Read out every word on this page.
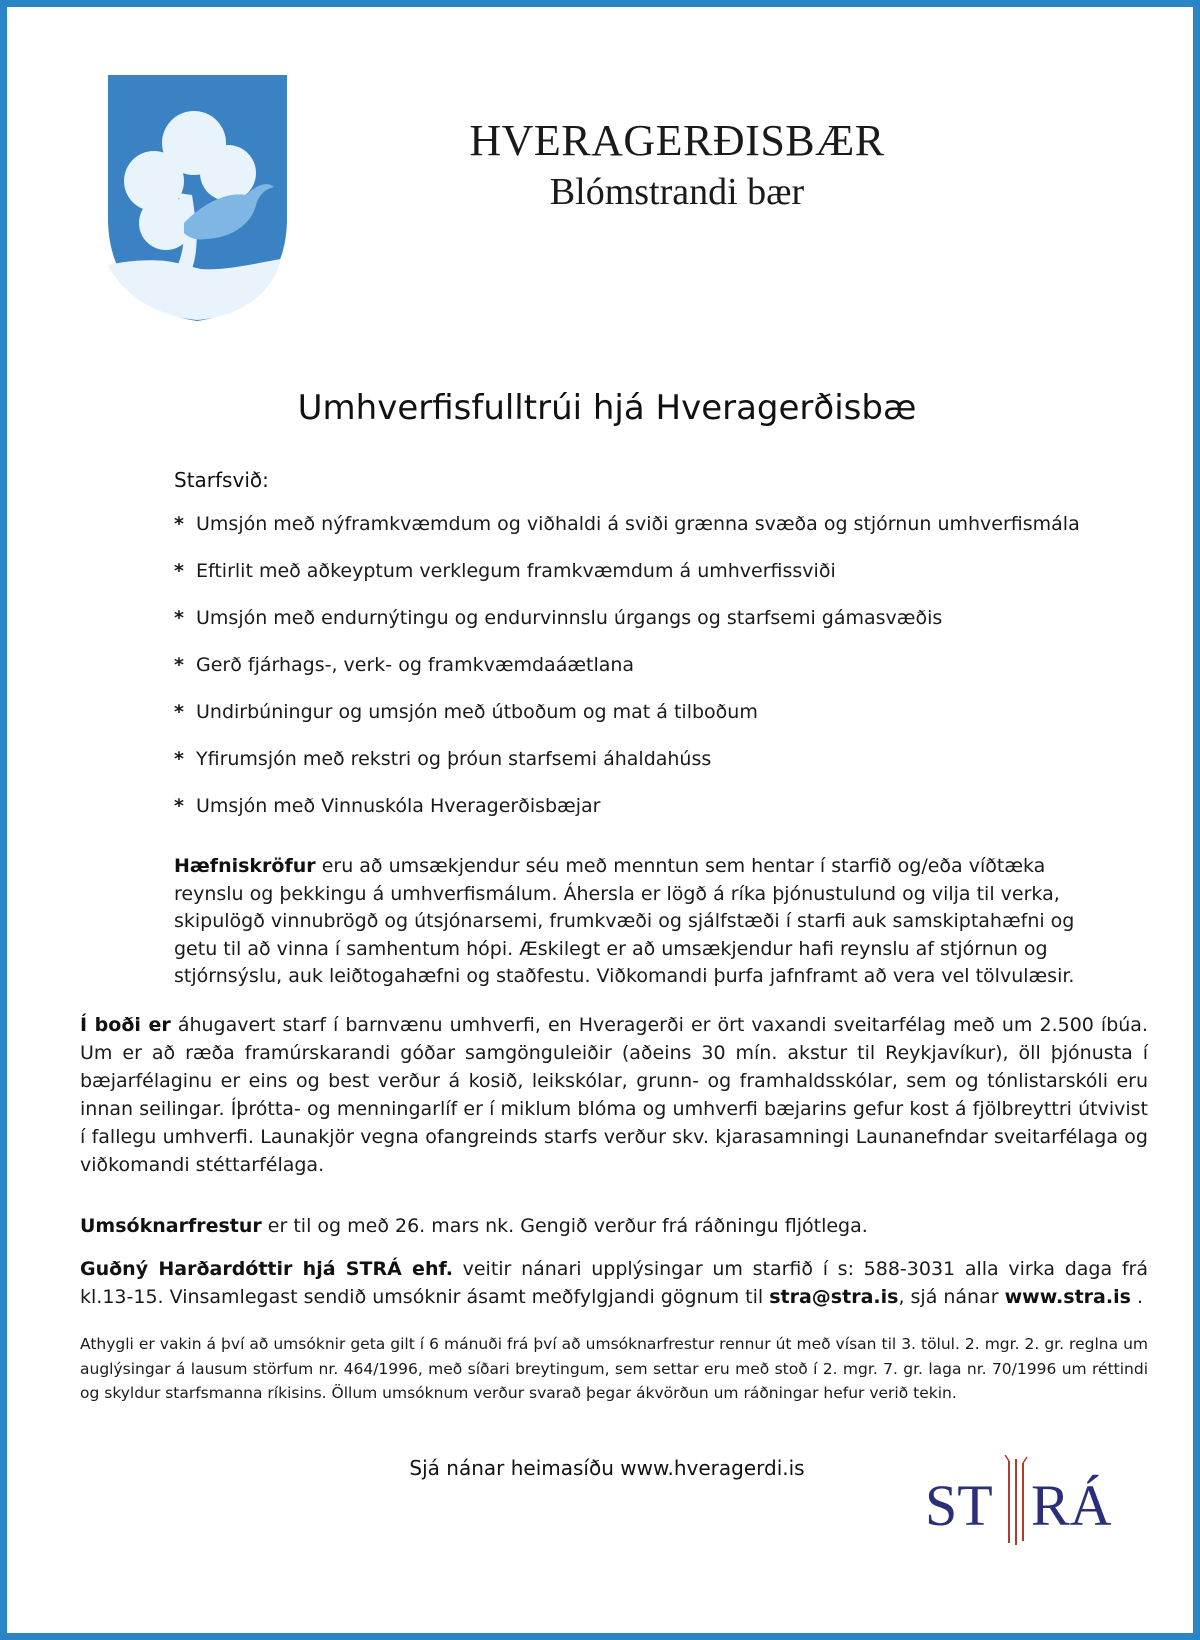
HVERAGERÐISBÆR
Blómstrandi bær
Umhverfisfulltrúi hjá Hveragerðisbæ
Starfsvið:
* Umsjón með nýframkvæmdum og viðhaldi á sviði grænna svæða og stjórnun umhverfismála
* Eftirlit með aðkeyptum verklegum framkvæmdum á umhverfissviði
* Umsjón með endurnýtingu og endurvinnslu úrgangs og starfsemi gámasvæðis
* Gerð fjárhags-, verk- og framkvæmdaáætlana
* Undirbúningur og umsjón með útboðum og mat á tilboðum
* Yfirumsjón með rekstri og þróun starfsemi áhaldahúss
* Umsjón með Vinnuskóla Hveragerðisbæjar

Hæfniskröfur eru að umsækjendur séu með menntun sem hentar í starfið og/eða víðtæka reynslu og þekkingu á umhverfismálum. Áhersla er lögð á ríka þjónustulund og vilja til verka, skipulögð vinnubrögð og útsjónarsemi, frumkvæði og sjálfstæði í starfi auk samskiptahæfni og getu til að vinna í samhentum hópi. Æskilegt er að umsækjendur hafi reynslu af stjórnun og stjórnsýslu, auk leiðtogahæfni og staðfestu. Viðkomandi þurfa jafnframt að vera vel tölvulæsir.

Í boði er áhugavert starf í barnvænu umhverfi, en Hveragerði er ört vaxandi sveitarfélag með um 2.500 íbúa. Um er að ræða framúrskarandi góðar samgönguleiðir (aðeins 30 mín. akstur til Reykjavíkur), öll þjónusta í bæjarfélaginu er eins og best verður á kosið, leikskólar, grunn- og framhaldsskólar, sem og tónlistarskóli eru innan seilingar. Íþrótta- og menningarlíf er í miklum blóma og umhverfi bæjarins gefur kost á fjölbreyttri útvivist í fallegu umhverfi. Launakjör vegna ofangreinds starfs verður skv. kjarasamningi Launanefndar sveitarfélaga og viðkomandi stéttarfélaga.

Umsóknarfrestur er til og með 26. mars nk. Gengið verður frá ráðningu fljótlega.

Guðný Harðardóttir hjá STRÁ ehf. veitir nánari upplýsingar um starfið í s: 588-3031 alla virka daga frá kl.13-15. Vinsamlegast sendið umsóknir ásamt meðfylgjandi gögnum til stra@stra.is, sjá nánar www.stra.is .

Athygli er vakin á því að umsóknir geta gilt í 6 mánuði frá því að umsóknarfrestur rennur út með vísan til 3. tölul. 2. mgr. 2. gr. reglna um auglýsingar á lausum störfum nr. 464/1996, með síðari breytingum, sem settar eru með stoð í 2. mgr. 7. gr. laga nr. 70/1996 um réttindi og skyldur starfsmanna ríkisins. Öllum umsóknum verður svarað þegar ákvörðun um ráðningar hefur verið tekin.

Sjá nánar heimasíðu www.hveragerdi.is
ST RÁ
